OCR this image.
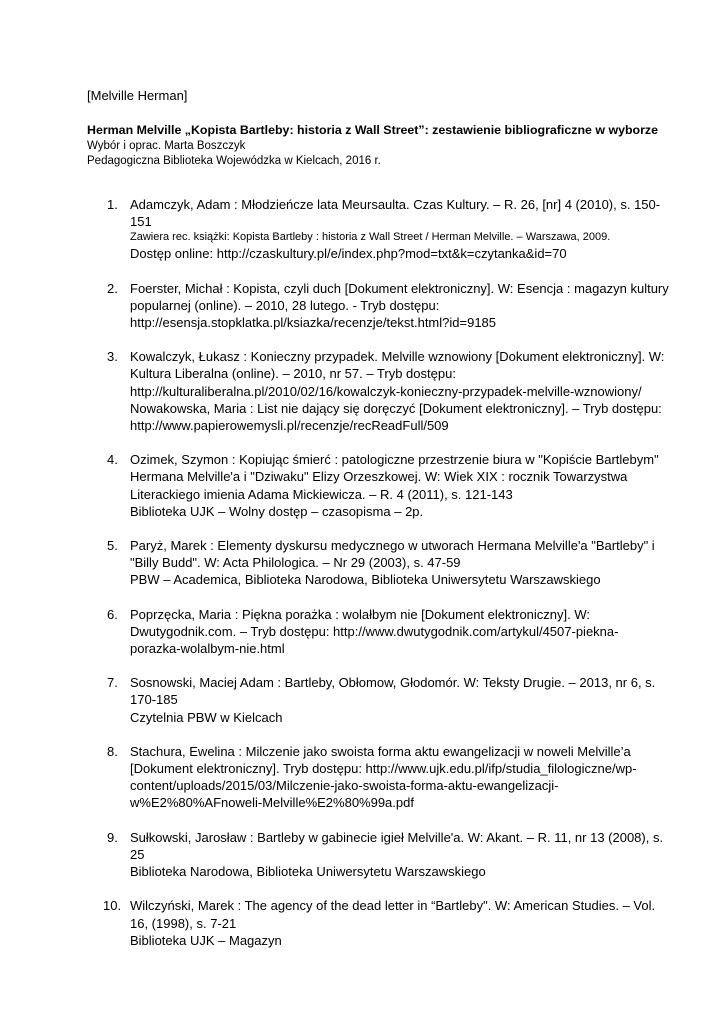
[Melville Herman]
Herman Melville „Kopista Bartleby: historia z Wall Street”: zestawienie bibliograficzne w wyborze
Wybór i oprac. Marta Boszczyk
Pedagogiczna Biblioteka Wojewódzka w Kielcach, 2016 r.
1. Adamczyk, Adam : Młodzieńcze lata Meursaulta. Czas Kultury. – R. 26, [nr] 4 (2010), s. 150-
151
Zawiera rec. książki: Kopista Bartleby : historia z Wall Street / Herman Melville. – Warszawa, 2009.
Dostęp online: http://czaskultury.pl/e/index.php?mod=txt&k=czytanka&id=70
2. Foerster, Michał : Kopista, czyli duch [Dokument elektroniczny]. W: Esencja : magazyn kultury
popularnej (online). – 2010, 28 lutego. - Tryb dostępu:
http://esensja.stopklatka.pl/ksiazka/recenzje/tekst.html?id=9185
3. Kowalczyk, Łukasz : Konieczny przypadek. Melville wznowiony [Dokument elektroniczny]. W:
Kultura Liberalna (online). – 2010, nr 57. – Tryb dostępu:
http://kulturaliberalna.pl/2010/02/16/kowalczyk-konieczny-przypadek-melville-wznowiony/
Nowakowska, Maria : List nie dający się doręczyć [Dokument elektroniczny]. – Tryb dostępu:
http://www.papierowemysli.pl/recenzje/recReadFull/509
4. Ozimek, Szymon : Kopiując śmierć : patologiczne przestrzenie biura w "Kopiście Bartlebym"
Hermana Melville'a i "Dziwaku" Elizy Orzeszkowej. W: Wiek XIX : rocznik Towarzystwa
Literackiego imienia Adama Mickiewicza. – R. 4 (2011), s. 121-143
Biblioteka UJK – Wolny dostęp – czasopisma – 2p.
5. Paryż, Marek : Elementy dyskursu medycznego w utworach Hermana Melville'a "Bartleby" i
"Billy Budd". W: Acta Philologica. – Nr 29 (2003), s. 47-59
PBW – Academica, Biblioteka Narodowa, Biblioteka Uniwersytetu Warszawskiego
6. Poprzęcka, Maria : Piękna porażka : wolałbym nie [Dokument elektroniczny]. W:
Dwutygodnik.com. – Tryb dostępu: http://www.dwutygodnik.com/artykul/4507-piekna-
porazka-wolalbym-nie.html
7. Sosnowski, Maciej Adam : Bartleby, Obłomow, Głodomór. W: Teksty Drugie. – 2013, nr 6, s.
170-185
Czytelnia PBW w Kielcach
8. Stachura, Ewelina : Milczenie jako swoista forma aktu ewangelizacji w noweli Melville’a
[Dokument elektroniczny]. Tryb dostępu: http://www.ujk.edu.pl/ifp/studia_filologiczne/wp-
content/uploads/2015/03/Milczenie-jako-swoista-forma-aktu-ewangelizacji-
w%E2%80%AFnoweli-Melville%E2%80%99a.pdf
9. Sułkowski, Jarosław : Bartleby w gabinecie igieł Melville'a. W: Akant. – R. 11, nr 13 (2008), s.
25
Biblioteka Narodowa, Biblioteka Uniwersytetu Warszawskiego
10. Wilczyński, Marek : The agency of the dead letter in “Bartleby". W: American Studies. – Vol.
16, (1998), s. 7-21
Biblioteka UJK – Magazyn
